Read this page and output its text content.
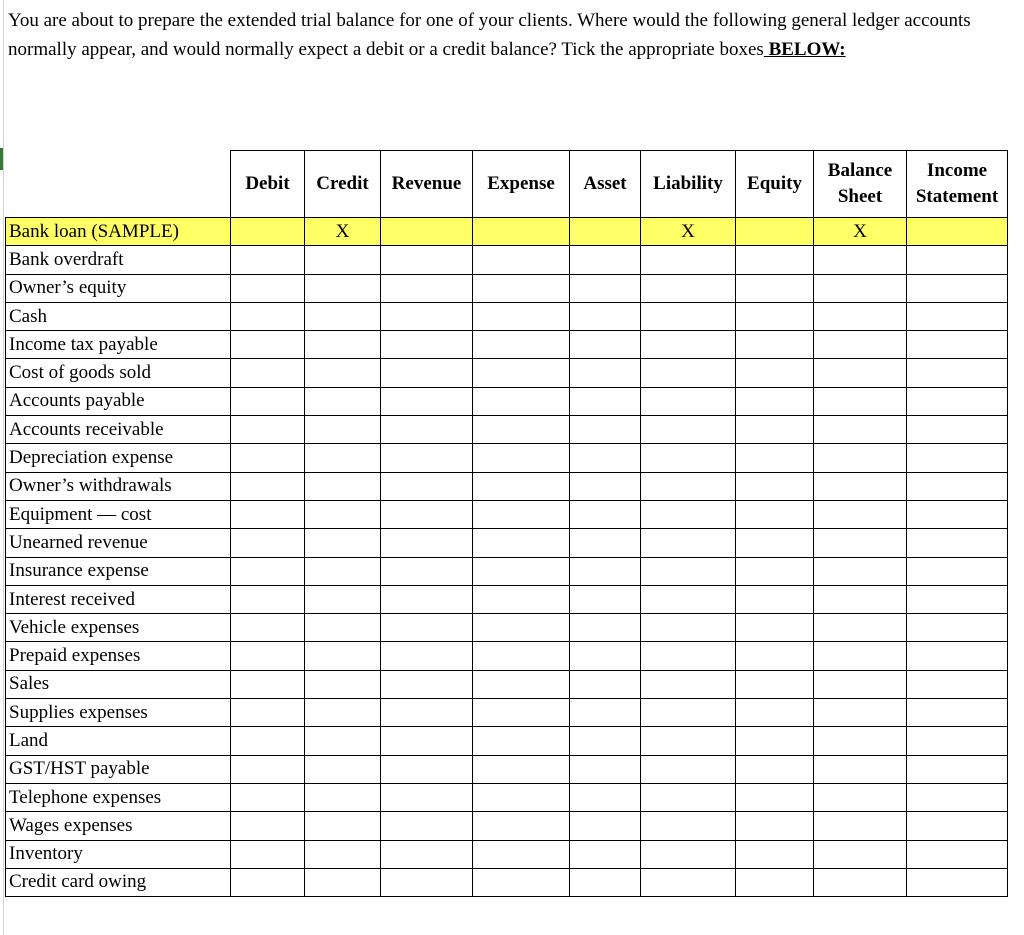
You are about to prepare the extended trial balance for one of your clients. Where would the following general ledger accounts normally appear, and would normally expect a debit or a credit balance? Tick the appropriate boxes BELOW:

	Debit	Credit	Revenue	Expense	Asset	Liability	Equity	Balance Sheet	Income Statement
Bank loan (SAMPLE)		X				X		X	
Bank overdraft									
Owner’s equity									
Cash									
Income tax payable									
Cost of goods sold									
Accounts payable									
Accounts receivable									
Depreciation expense									
Owner’s withdrawals									
Equipment — cost									
Unearned revenue									
Insurance expense									
Interest received									
Vehicle expenses									
Prepaid expenses									
Sales									
Supplies expenses									
Land									
GST/HST payable									
Telephone expenses									
Wages expenses									
Inventory									
Credit card owing									
